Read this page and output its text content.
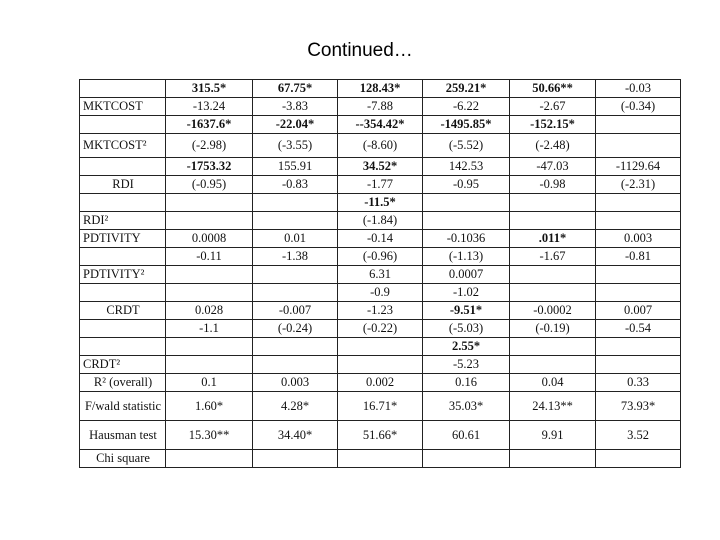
Continued…
	315.5*	67.75*	128.43*	259.21*	50.66**	-0.03
MKTCOST	-13.24	-3.83	-7.88	-6.22	-2.67	(-0.34)
	-1637.6*	-22.04*	--354.42*	-1495.85*	-152.15*	
MKTCOST²	(-2.98)	(-3.55)	(-8.60)	(-5.52)	(-2.48)	
	-1753.32	155.91	34.52*	142.53	-47.03	-1129.64
RDI	(-0.95)	-0.83	-1.77	-0.95	-0.98	(-2.31)
			-11.5*			
RDI²			(-1.84)			
PDTIVITY	0.0008	0.01	-0.14	-0.1036	.011*	0.003
	-0.11	-1.38	(-0.96)	(-1.13)	-1.67	-0.81
PDTIVITY²			6.31	0.0007		
			-0.9	-1.02		
CRDT	0.028	-0.007	-1.23	-9.51*	-0.0002	0.007
	-1.1	(-0.24)	(-0.22)	(-5.03)	(-0.19)	-0.54
				2.55*		
CRDT²				-5.23		
R² (overall)	0.1	0.003	0.002	0.16	0.04	0.33
F/wald statistic	1.60*	4.28*	16.71*	35.03*	24.13**	73.93*
Hausman test	15.30**	34.40*	51.66*	60.61	9.91	3.52
Chi square						
